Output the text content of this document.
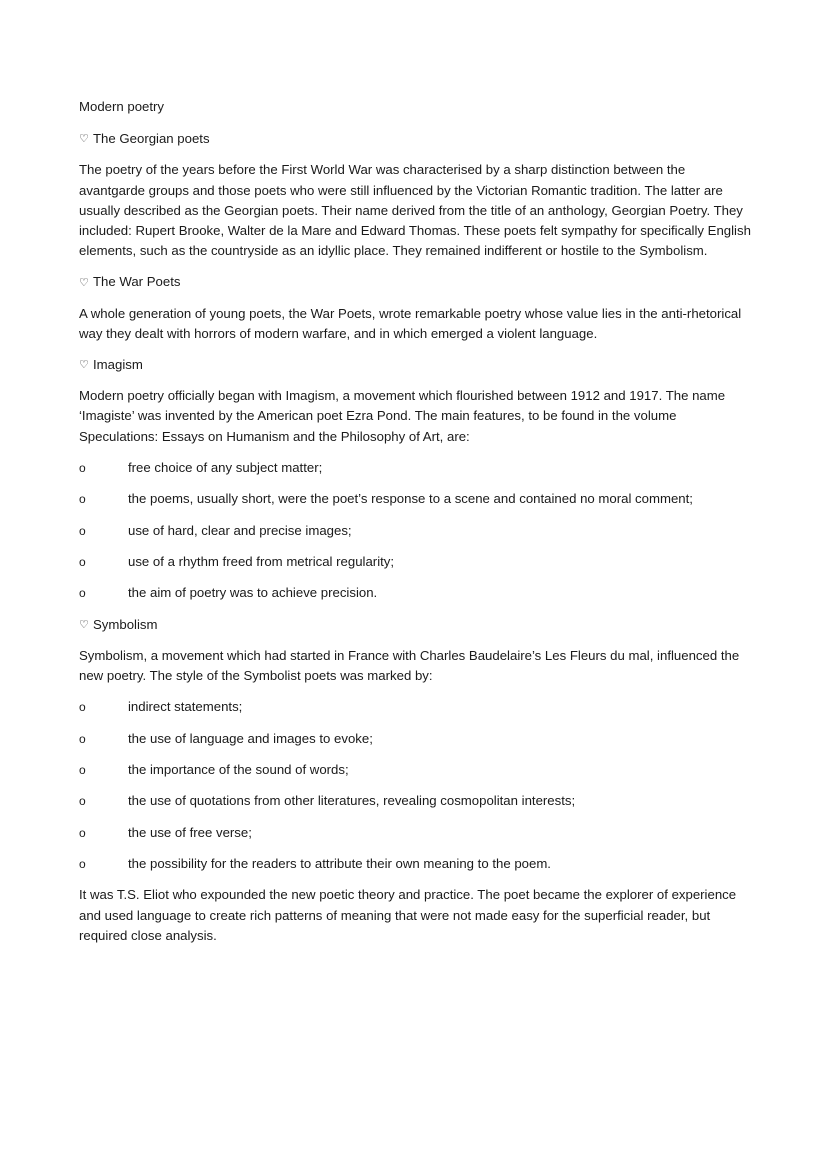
Modern poetry

♡ The Georgian poets

The poetry of the years before the First World War was characterised by a sharp distinction between the avantgarde groups and those poets who were still influenced by the Victorian Romantic tradition. The latter are usually described as the Georgian poets. Their name derived from the title of an anthology, Georgian Poetry. They included: Rupert Brooke, Walter de la Mare and Edward Thomas. These poets felt sympathy for specifically English elements, such as the countryside as an idyllic place. They remained indifferent or hostile to the Symbolism.

♡ The War Poets

A whole generation of young poets, the War Poets, wrote remarkable poetry whose value lies in the anti-rhetorical way they dealt with horrors of modern warfare, and in which emerged a violent language.

♡ Imagism

Modern poetry officially began with Imagism, a movement which flourished between 1912 and 1917. The name ‘Imagiste’ was invented by the American poet Ezra Pond. The main features, to be found in the volume Speculations: Essays on Humanism and the Philosophy of Art, are:

o	free choice of any subject matter;
o	the poems, usually short, were the poet’s response to a scene and contained no moral comment;
o	use of hard, clear and precise images;
o	use of a rhythm freed from metrical regularity;
o	the aim of poetry was to achieve precision.
♡ Symbolism

Symbolism, a movement which had started in France with Charles Baudelaire’s Les Fleurs du mal, influenced the new poetry. The style of the Symbolist poets was marked by:

o	indirect statements;
o	the use of language and images to evoke;
o	the importance of the sound of words;
o	the use of quotations from other literatures, revealing cosmopolitan interests;
o	the use of free verse;
o	the possibility for the readers to attribute their own meaning to the poem.

It was T.S. Eliot who expounded the new poetic theory and practice. The poet became the explorer of experience and used language to create rich patterns of meaning that were not made easy for the superficial reader, but required close analysis.
